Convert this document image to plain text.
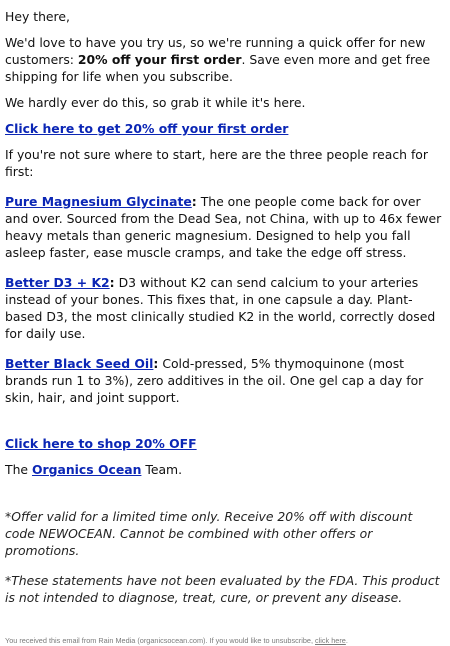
Hey there,

We'd love to have you try us, so we're running a quick offer for new customers: 20% off your first order. Save even more and get free shipping for life when you subscribe.

We hardly ever do this, so grab it while it's here.

Click here to get 20% off your first order

If you're not sure where to start, here are the three people reach for first:

Pure Magnesium Glycinate: The one people come back for over and over. Sourced from the Dead Sea, not China, with up to 46x fewer heavy metals than generic magnesium. Designed to help you fall asleep faster, ease muscle cramps, and take the edge off stress.

Better D3 + K2: D3 without K2 can send calcium to your arteries instead of your bones. This fixes that, in one capsule a day. Plant-based D3, the most clinically studied K2 in the world, correctly dosed for daily use.

Better Black Seed Oil: Cold-pressed, 5% thymoquinone (most brands run 1 to 3%), zero additives in the oil. One gel cap a day for skin, hair, and joint support.

Click here to shop 20% OFF

The Organics Ocean Team.

*Offer valid for a limited time only. Receive 20% off with discount code NEWOCEAN. Cannot be combined with other offers or promotions.

*These statements have not been evaluated by the FDA. This product is not intended to diagnose, treat, cure, or prevent any disease.

You received this email from Rain Media (organicsocean.com). If you would like to unsubscribe, click here.
